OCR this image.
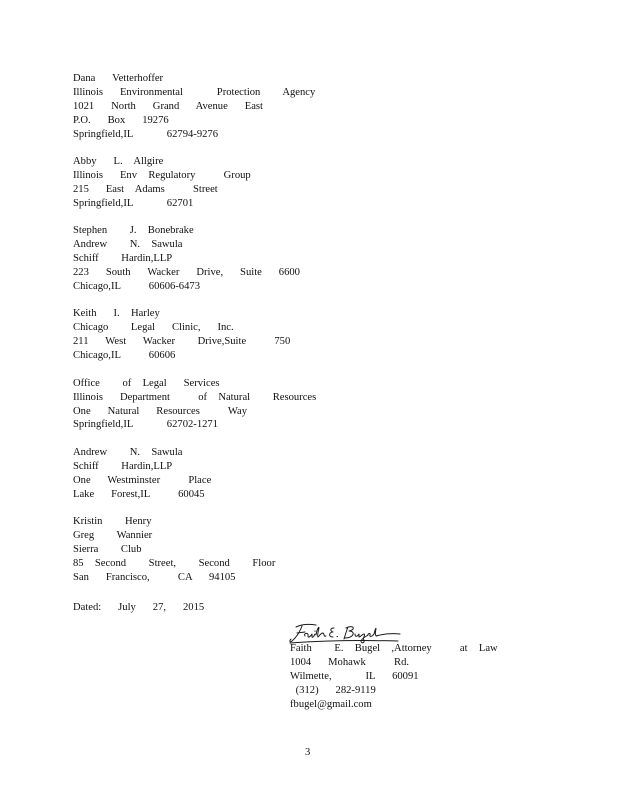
Dana   Vetterhoffer
Illinois   Environmental      Protection    Agency
1021   North   Grand   Avenue   East
P.O.   Box   19276
Springfield,IL      62794-9276
Abby   L.  Allgire
Illinois   Env  Regulatory     Group
215   East  Adams     Street
Springfield,IL      62701
Stephen    J.  Bonebrake
Andrew    N.  Sawula
Schiff    Hardin,LLP
223   South   Wacker   Drive,   Suite   6600
Chicago,IL     60606-6473
Keith   I.  Harley
Chicago    Legal   Clinic,   Inc.
211   West   Wacker    Drive,Suite     750
Chicago,IL     60606
Office    of  Legal   Services
Illinois   Department     of  Natural    Resources
One   Natural   Resources     Way
Springfield,IL      62702-1271
Andrew    N.  Sawula
Schiff    Hardin,LLP
One   Westminster     Place
Lake   Forest,IL     60045
Kristin    Henry
Greg    Wannier
Sierra    Club
85  Second    Street,    Second    Floor
San   Francisco,     CA   94105
Dated:   July   27,   2015
Faith    E.  Bugel  ,Attorney     at  Law
1004   Mohawk     Rd.
Wilmette,      IL   60091
(312)   282-9119
fbugel@gmail.com
3
